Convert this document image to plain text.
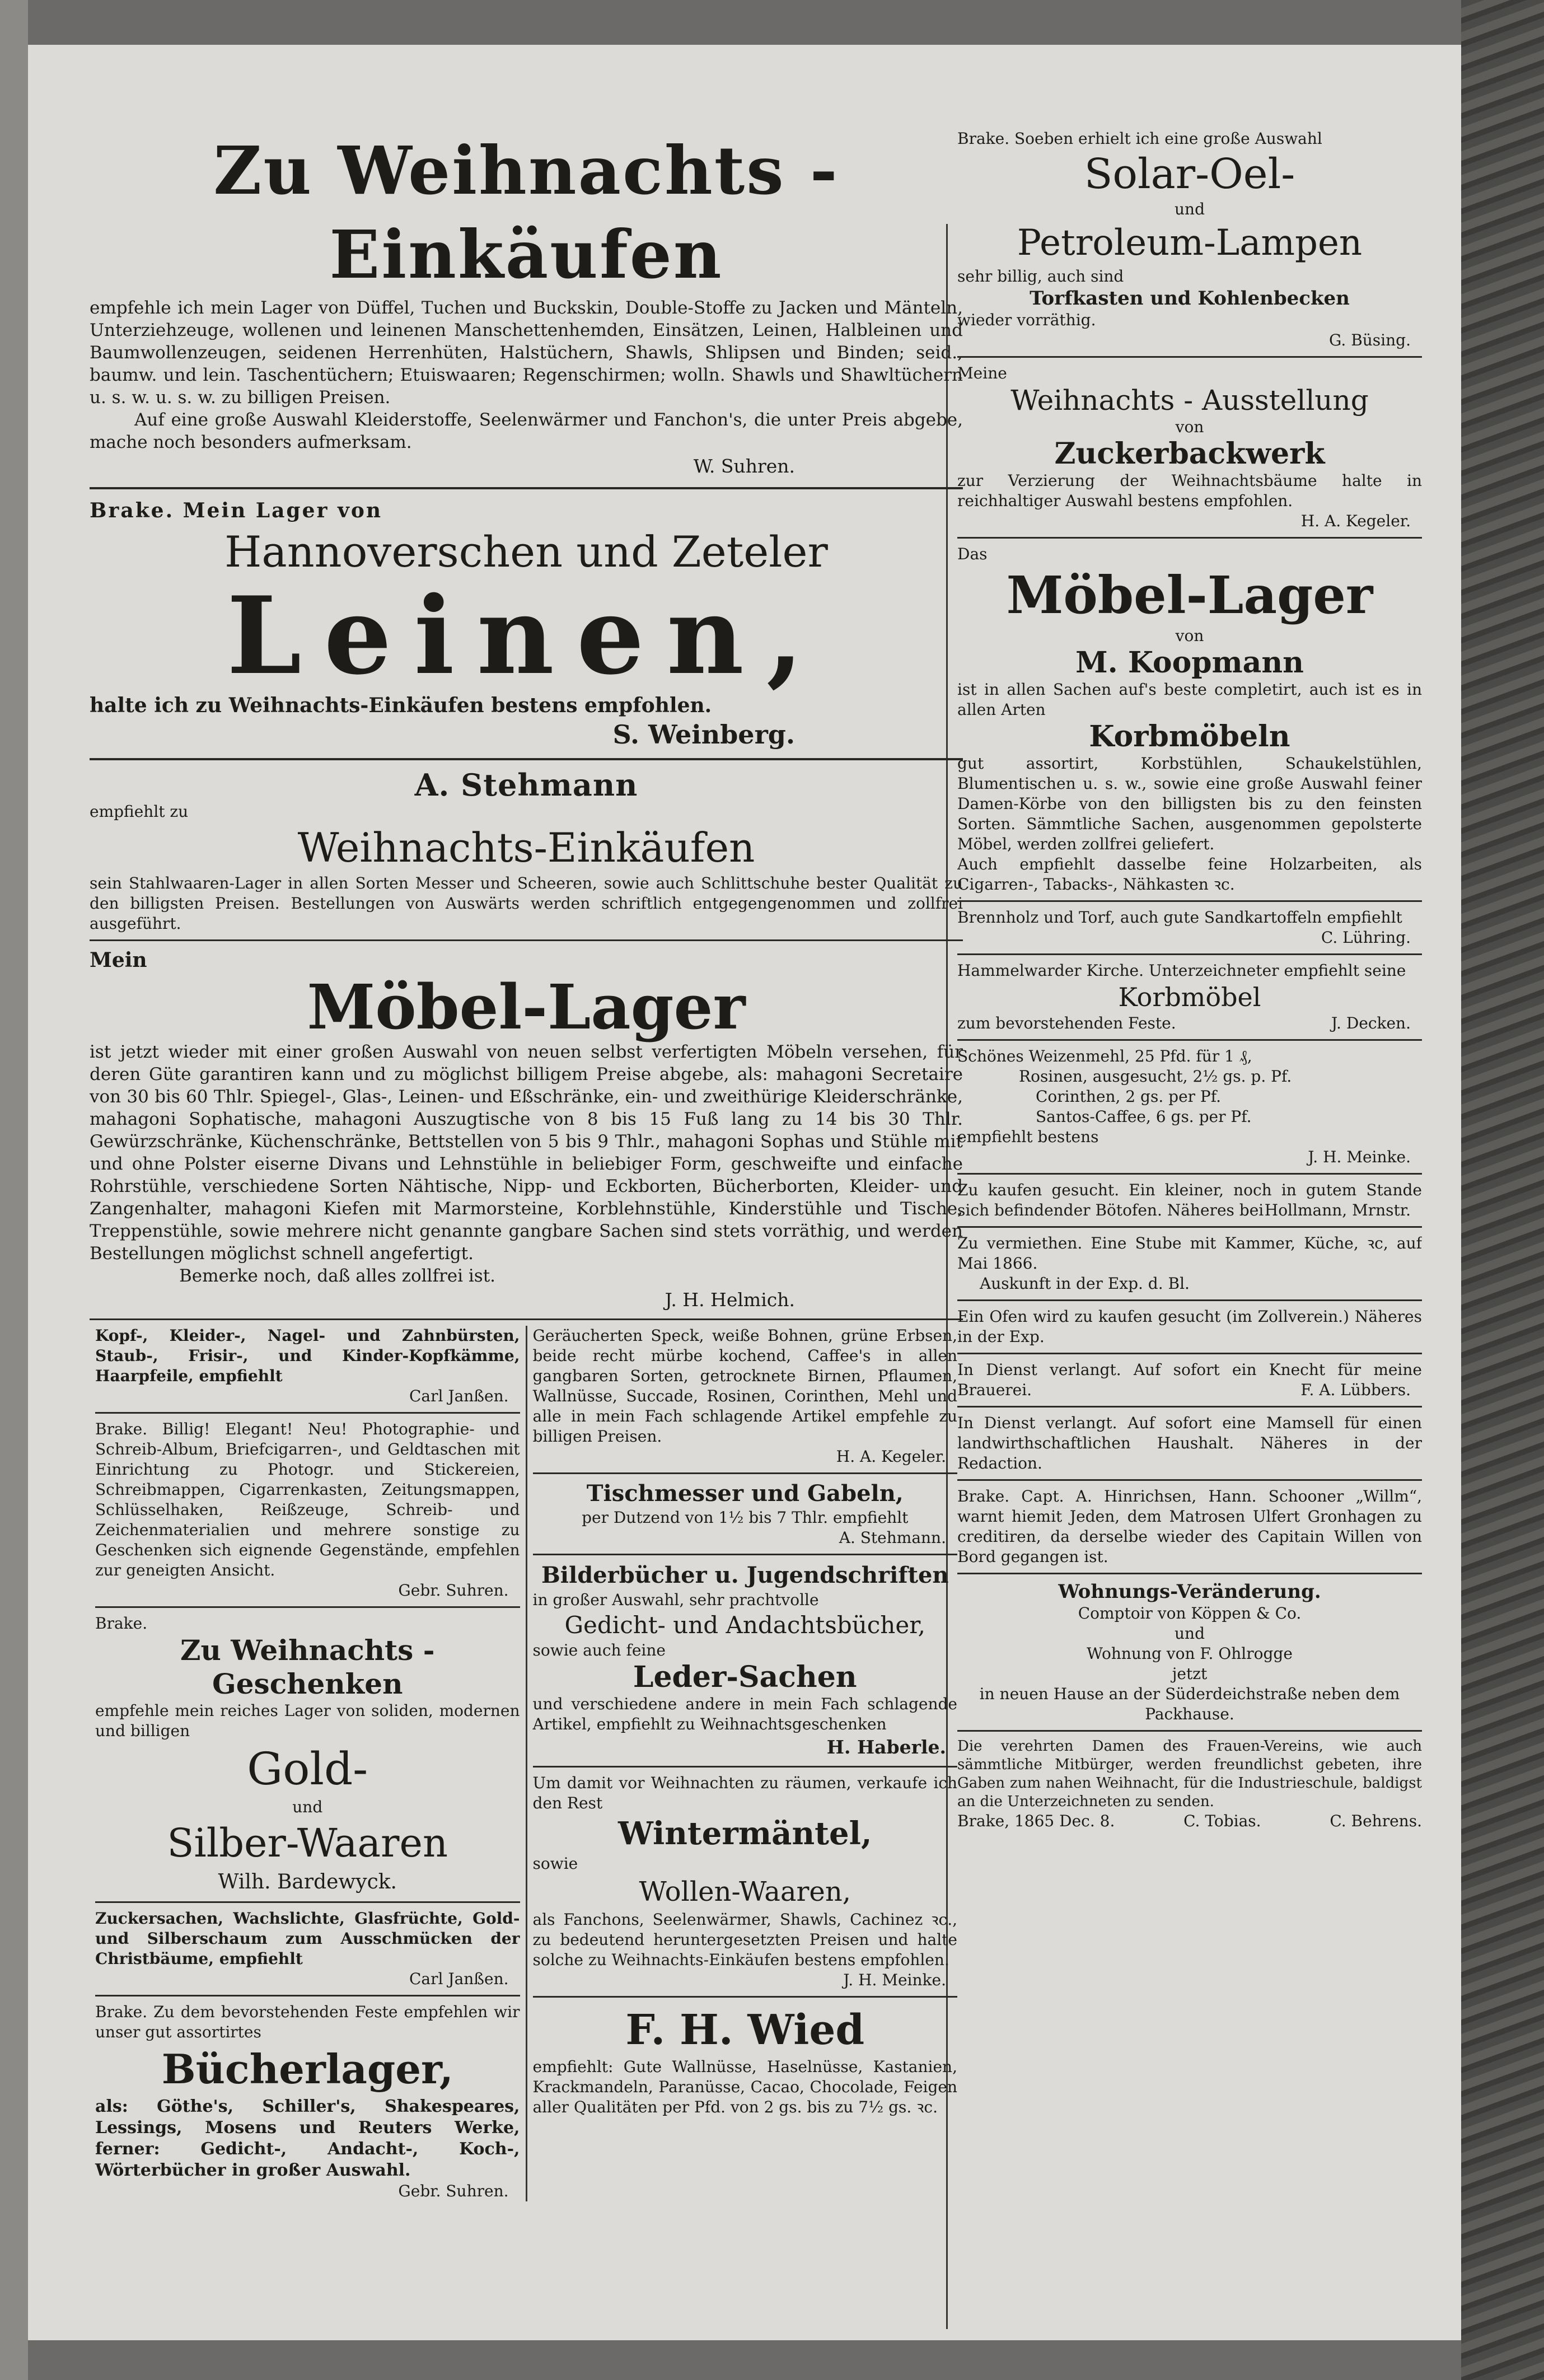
Zu Weihnachts - Einkäufen
empfehle ich mein Lager von Düffel, Tuchen und Buckskin, Double-Stoffe zu Jacken und Mänteln, Unterziehzeuge, wollenen und leinenen Manschettenhemden, Einsätzen, Leinen, Halbleinen und Baumwollenzeugen, seidenen Herrenhüten, Halstüchern, Shawls, Shlipsen und Binden; seid., baumw. und lein. Taschentüchern; Etuiswaaren; Regenschirmen; wolln. Shawls und Shawltüchern u. s. w. u. s. w. zu billigen Preisen.
Auf eine große Auswahl Kleiderstoffe, Seelenwärmer und Fanchon's, die unter Preis abgebe, mache noch besonders aufmerksam.
W. Suhren.
Brake. Mein Lager von
Hannoverschen und Zeteler
Leinen,
halte ich zu Weihnachts-Einkäufen bestens empfohlen.
S. Weinberg.
A. Stehmann
empfiehlt zu
Weihnachts-Einkäufen
sein Stahlwaaren-Lager in allen Sorten Messer und Scheeren, sowie auch Schlittschuhe bester Qualität zu den billigsten Preisen. Bestellungen von Auswärts werden schriftlich entgegengenommen und zollfrei ausgeführt.
Mein
Möbel-Lager
ist jetzt wieder mit einer großen Auswahl von neuen selbst verfertigten Möbeln versehen, für deren Güte garantiren kann und zu möglichst billigem Preise abgebe, als: mahagoni Secretaire von 30 bis 60 Thlr. Spiegel-, Glas-, Leinen- und Eßschränke, ein- und zweithürige Kleiderschränke, mahagoni Sophatische, mahagoni Auszugtische von 8 bis 15 Fuß lang zu 14 bis 30 Thlr. Gewürzschränke, Küchenschränke, Bettstellen von 5 bis 9 Thlr., mahagoni Sophas und Stühle mit und ohne Polster eiserne Divans und Lehnstühle in beliebiger Form, geschweifte und einfache Rohrstühle, verschiedene Sorten Nähtische, Nipp- und Eckborten, Bücherborten, Kleider- und Zangenhalter, mahagoni Kiefen mit Marmorsteine, Korblehnstühle, Kinderstühle und Tische, Treppenstühle, sowie mehrere nicht genannte gangbare Sachen sind stets vorräthig, und werden Bestellungen möglichst schnell angefertigt.
Bemerke noch, daß alles zollfrei ist.
J. H. Helmich.
Kopf-, Kleider-, Nagel- und Zahnbürsten, Staub-, Frisir-, und Kinder-Kopfkämme, Haarpfeile, empfiehlt
Carl Janßen.
Brake. Billig! Elegant! Neu! Photographie- und Schreib-Album, Briefcigarren-, und Geldtaschen mit Einrichtung zu Photogr. und Stickereien, Schreibmappen, Cigarrenkasten, Zeitungsmappen, Schlüsselhaken, Reißzeuge, Schreib- und Zeichenmaterialien und mehrere sonstige zu Geschenken sich eignende Gegenstände, empfehlen zur geneigten Ansicht.
Gebr. Suhren.
Brake.
Zu Weihnachts -Geschenken
empfehle mein reiches Lager von soliden, modernen und billigen
Gold-
und
Silber-Waaren
Wilh. Bardewyck.
Zuckersachen, Wachslichte, Glasfrüchte, Gold- und Silberschaum zum Ausschmücken der Christbäume, empfiehlt
Carl Janßen.
Brake. Zu dem bevorstehenden Feste empfehlen wir unser gut assortirtes
Bücherlager,
als: Göthe's, Schiller's, Shakespeares, Lessings, Mosens und Reuters Werke, ferner: Gedicht-, Andacht-, Koch-, Wörterbücher in großer Auswahl.
Gebr. Suhren.
Geräucherten Speck, weiße Bohnen, grüne Erbsen, beide recht mürbe kochend, Caffee's in allen gangbaren Sorten, getrocknete Birnen, Pflaumen, Wallnüsse, Succade, Rosinen, Corinthen, Mehl und alle in mein Fach schlagende Artikel empfehle zu billigen Preisen.
H. A. Kegeler.
Tischmesser und Gabeln,
per Dutzend von 1½ bis 7 Thlr. empfiehlt
A. Stehmann.
Bilderbücher u. Jugendschriften
in großer Auswahl, sehr prachtvolle
Gedicht- und Andachtsbücher,
sowie auch feine
Leder-Sachen
und verschiedene andere in mein Fach schlagende Artikel, empfiehlt zu Weihnachtsgeschenken
H. Haberle.
Um damit vor Weihnachten zu räumen, verkaufe ich den Rest
Wintermäntel,
sowie
Wollen-Waaren,
als Fanchons, Seelenwärmer, Shawls, Cachinez ꝛc., zu bedeutend heruntergesetzten Preisen und halte solche zu Weihnachts-Einkäufen bestens empfohlen.
J. H. Meinke.
F. H. Wied
empfiehlt: Gute Wallnüsse, Haselnüsse, Kastanien, Krackmandeln, Paranüsse, Cacao, Chocolade, Feigen aller Qualitäten per Pfd. von 2 gs. bis zu 7½ gs. ꝛc.
Brake. Soeben erhielt ich eine große Auswahl
Solar-Oel-
und
Petroleum-Lampen
sehr billig, auch sind
Torfkasten und Kohlenbecken
wieder vorräthig.
G. Büsing.
Meine
Weihnachts - Ausstellung
von
Zuckerbackwerk
zur Verzierung der Weihnachtsbäume halte in reichhaltiger Auswahl bestens empfohlen.
H. A. Kegeler.
Das
Möbel-Lager
von
M. Koopmann
ist in allen Sachen auf's beste completirt, auch ist es in allen Arten
Korbmöbeln
gut assortirt, Korbstühlen, Schaukelstühlen, Blumentischen u. s. w., sowie eine große Auswahl feiner Damen-Körbe von den billigsten bis zu den feinsten Sorten. Sämmtliche Sachen, ausgenommen gepolsterte Möbel, werden zollfrei geliefert.
Auch empfiehlt dasselbe feine Holzarbeiten, als Cigarren-, Tabacks-, Nähkasten ꝛc.
Brennholz und Torf, auch gute Sandkartoffeln empfiehlt
C. Lühring.
Hammelwarder Kirche. Unterzeichneter empfiehlt seine
Korbmöbel
zum bevorstehenden Feste.	J. Decken.
Schönes Weizenmehl, 25 Pfd. für 1 ₰,
Rosinen, ausgesucht, 2½ gs. p. Pf.
Corinthen, 2 gs. per Pf.
Santos-Caffee, 6 gs. per Pf.
empfiehlt bestens
J. H. Meinke.
Zu kaufen gesucht. Ein kleiner, noch in gutem Stande sich befindender Bötofen. Näheres bei Hollmann, Mrnstr.
Zu vermiethen. Eine Stube mit Kammer, Küche, ꝛc, auf Mai 1866.
Auskunft in der Exp. d. Bl.
Ein Ofen wird zu kaufen gesucht (im Zollverein.) Näheres in der Exp.
In Dienst verlangt. Auf sofort ein Knecht für meine Brauerei.	F. A. Lübbers.
In Dienst verlangt. Auf sofort eine Mamsell für einen landwirthschaftlichen Haushalt. Näheres in der Redaction.
Brake. Capt. A. Hinrichsen, Hann. Schooner „Willm“, warnt hiemit Jeden, dem Matrosen Ulfert Gronhagen zu creditiren, da derselbe wieder des Capitain Willen von Bord gegangen ist.
Wohnungs-Veränderung.
Comptoir von Köppen & Co.
und
Wohnung von F. Ohlrogge
jetzt
in neuen Hause an der Süderdeichstraße neben dem Packhause.
Die verehrten Damen des Frauen-Vereins, wie auch sämmtliche Mitbürger, werden freundlichst gebeten, ihre Gaben zum nahen Weihnacht, für die Industrieschule, baldigst an die Unterzeichneten zu senden.
Brake, 1865 Dec. 8.	C. Tobias.	C. Behrens.
